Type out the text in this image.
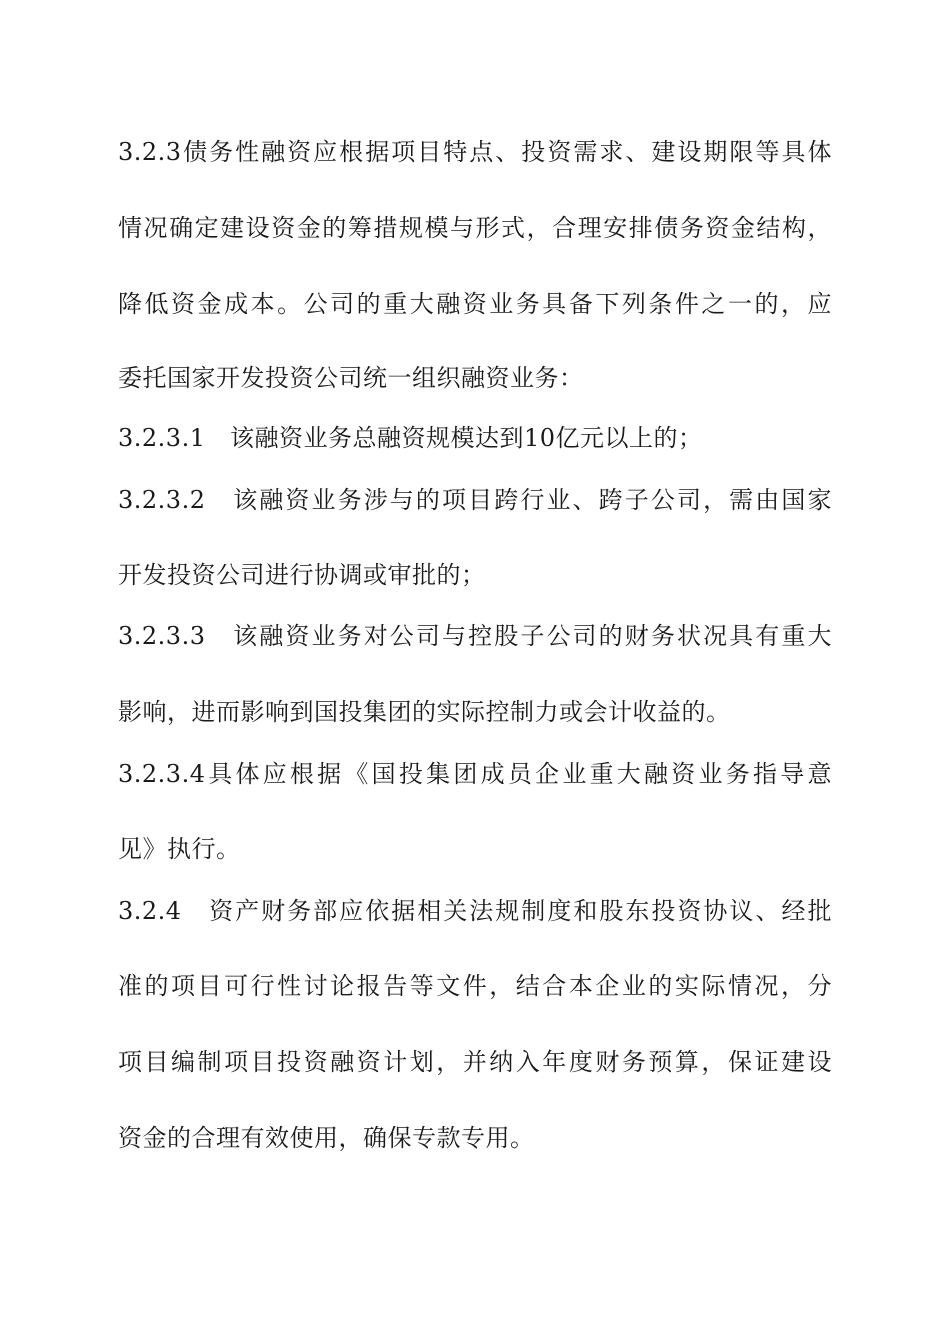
3.2.3债务性融资应根据项目特点、投资需求、建设期限等具体
情况确定建设资金的筹措规模与形式，合理安排债务资金结构，
降低资金成本。公司的重大融资业务具备下列条件之一的，应
委托国家开发投资公司统一组织融资业务：
3.2.3.1　该融资业务总融资规模达到10亿元以上的；
3.2.3.2　该融资业务涉与的项目跨行业、跨子公司，需由国家
开发投资公司进行协调或审批的；
3.2.3.3　该融资业务对公司与控股子公司的财务状况具有重大
影响，进而影响到国投集团的实际控制力或会计收益的。
3.2.3.4具体应根据《国投集团成员企业重大融资业务指导意
见》执行。
3.2.4　资产财务部应依据相关法规制度和股东投资协议、经批
准的项目可行性讨论报告等文件，结合本企业的实际情况，分
项目编制项目投资融资计划，并纳入年度财务预算，保证建设
资金的合理有效使用，确保专款专用。
